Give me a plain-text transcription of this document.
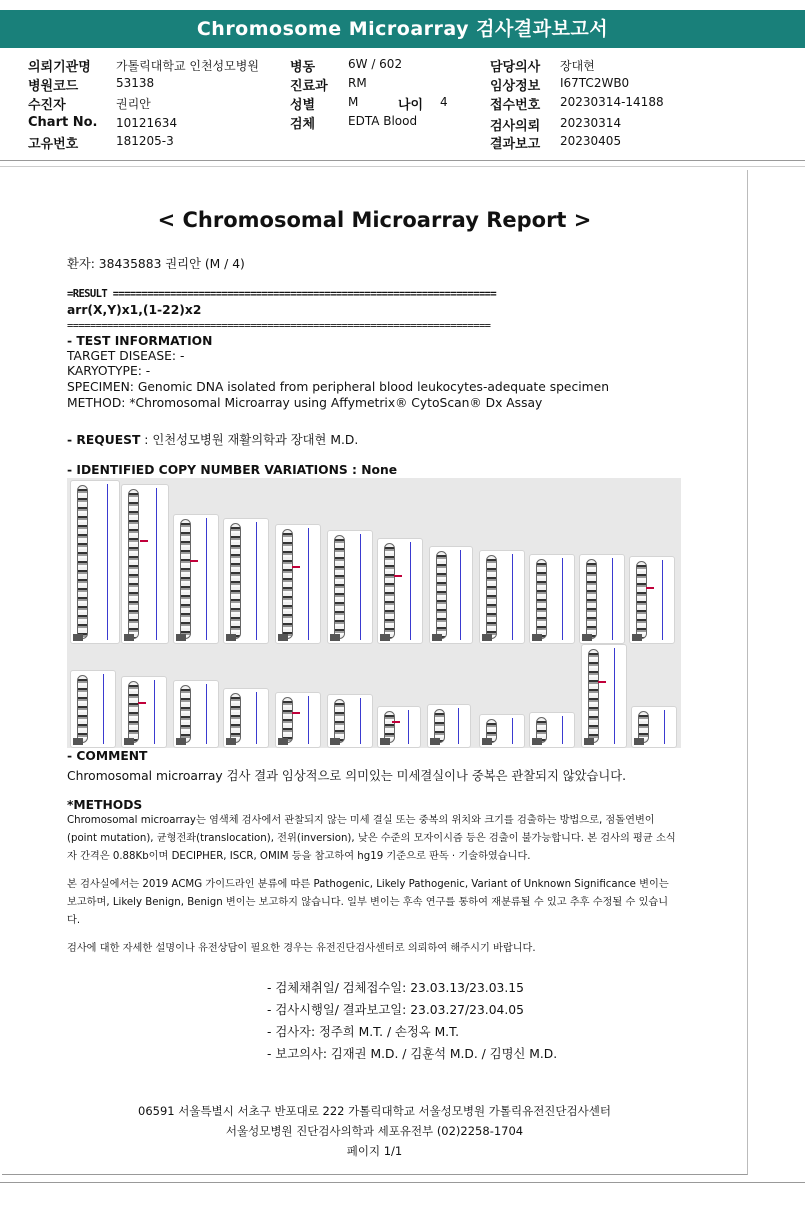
Chromosome Microarray 검사결과보고서
의뢰기관명 가톨릭대학교 인천성모병원
병원코드	53138
수진자	권리안
Chart No. 10121634
고유번호	181205-3
병동	6W / 602
진료과 RM
성별	M	나이 4
검체	EDTA Blood
담당의사 장대현
임상정보 I67TC2WB0
접수번호 20230314-14188
검사의뢰 20230314
결과보고 20230405
< Chromosomal Microarray Report >
환자: 38435883 권리안 (M / 4)
=RESULT ===================================================================
arr(X,Y)x1,(1-22)x2
==========================================================================
- TEST INFORMATION
TARGET DISEASE: -
KARYOTYPE: -
SPECIMEN: Genomic DNA isolated from peripheral blood leukocytes-adequate specimen
METHOD: *Chromosomal Microarray using Affymetrix® CytoScan® Dx Assay
- REQUEST : 인천성모병원 재활의학과 장대현 M.D.
- IDENTIFIED COPY NUMBER VARIATIONS : None
- COMMENT
Chromosomal microarray 검사 결과 임상적으로 의미있는 미세결실이나 중복은 관찰되지 않았습니다.
*METHODS
Chromosomal microarray는 염색체 검사에서 관찰되지 않는 미세 결실 또는 중복의 위치와 크기를 검출하는 방법으로, 점돌연변이(point mutation), 균형전좌(translocation), 전위(inversion), 낮은 수준의 모자이시즘 등은 검출이 불가능합니다. 본 검사의 평균 소식자 간격은 0.88Kb이며 DECIPHER, ISCR, OMIM 등을 참고하여 hg19 기준으로 판독 · 기술하였습니다.
본 검사실에서는 2019 ACMG 가이드라인 분류에 따른 Pathogenic, Likely Pathogenic, Variant of Unknown Significance 변이는 보고하며, Likely Benign, Benign 변이는 보고하지 않습니다. 일부 변이는 후속 연구를 통하여 재분류될 수 있고 추후 수정될 수 있습니다.
검사에 대한 자세한 설명이나 유전상담이 필요한 경우는 유전진단검사센터로 의뢰하여 해주시기 바랍니다.
- 검체채취일/ 검체접수일: 23.03.13/23.03.15
- 검사시행일/ 결과보고일: 23.03.27/23.04.05
- 검사자: 정주희 M.T. / 손정옥 M.T.
- 보고의사: 김재권 M.D. / 김훈석 M.D. / 김명신 M.D.
06591 서울특별시 서초구 반포대로 222 가톨릭대학교 서울성모병원 가톨릭유전진단검사센터
서울성모병원 진단검사의학과 세포유전부 (02)2258-1704
페이지 1/1
